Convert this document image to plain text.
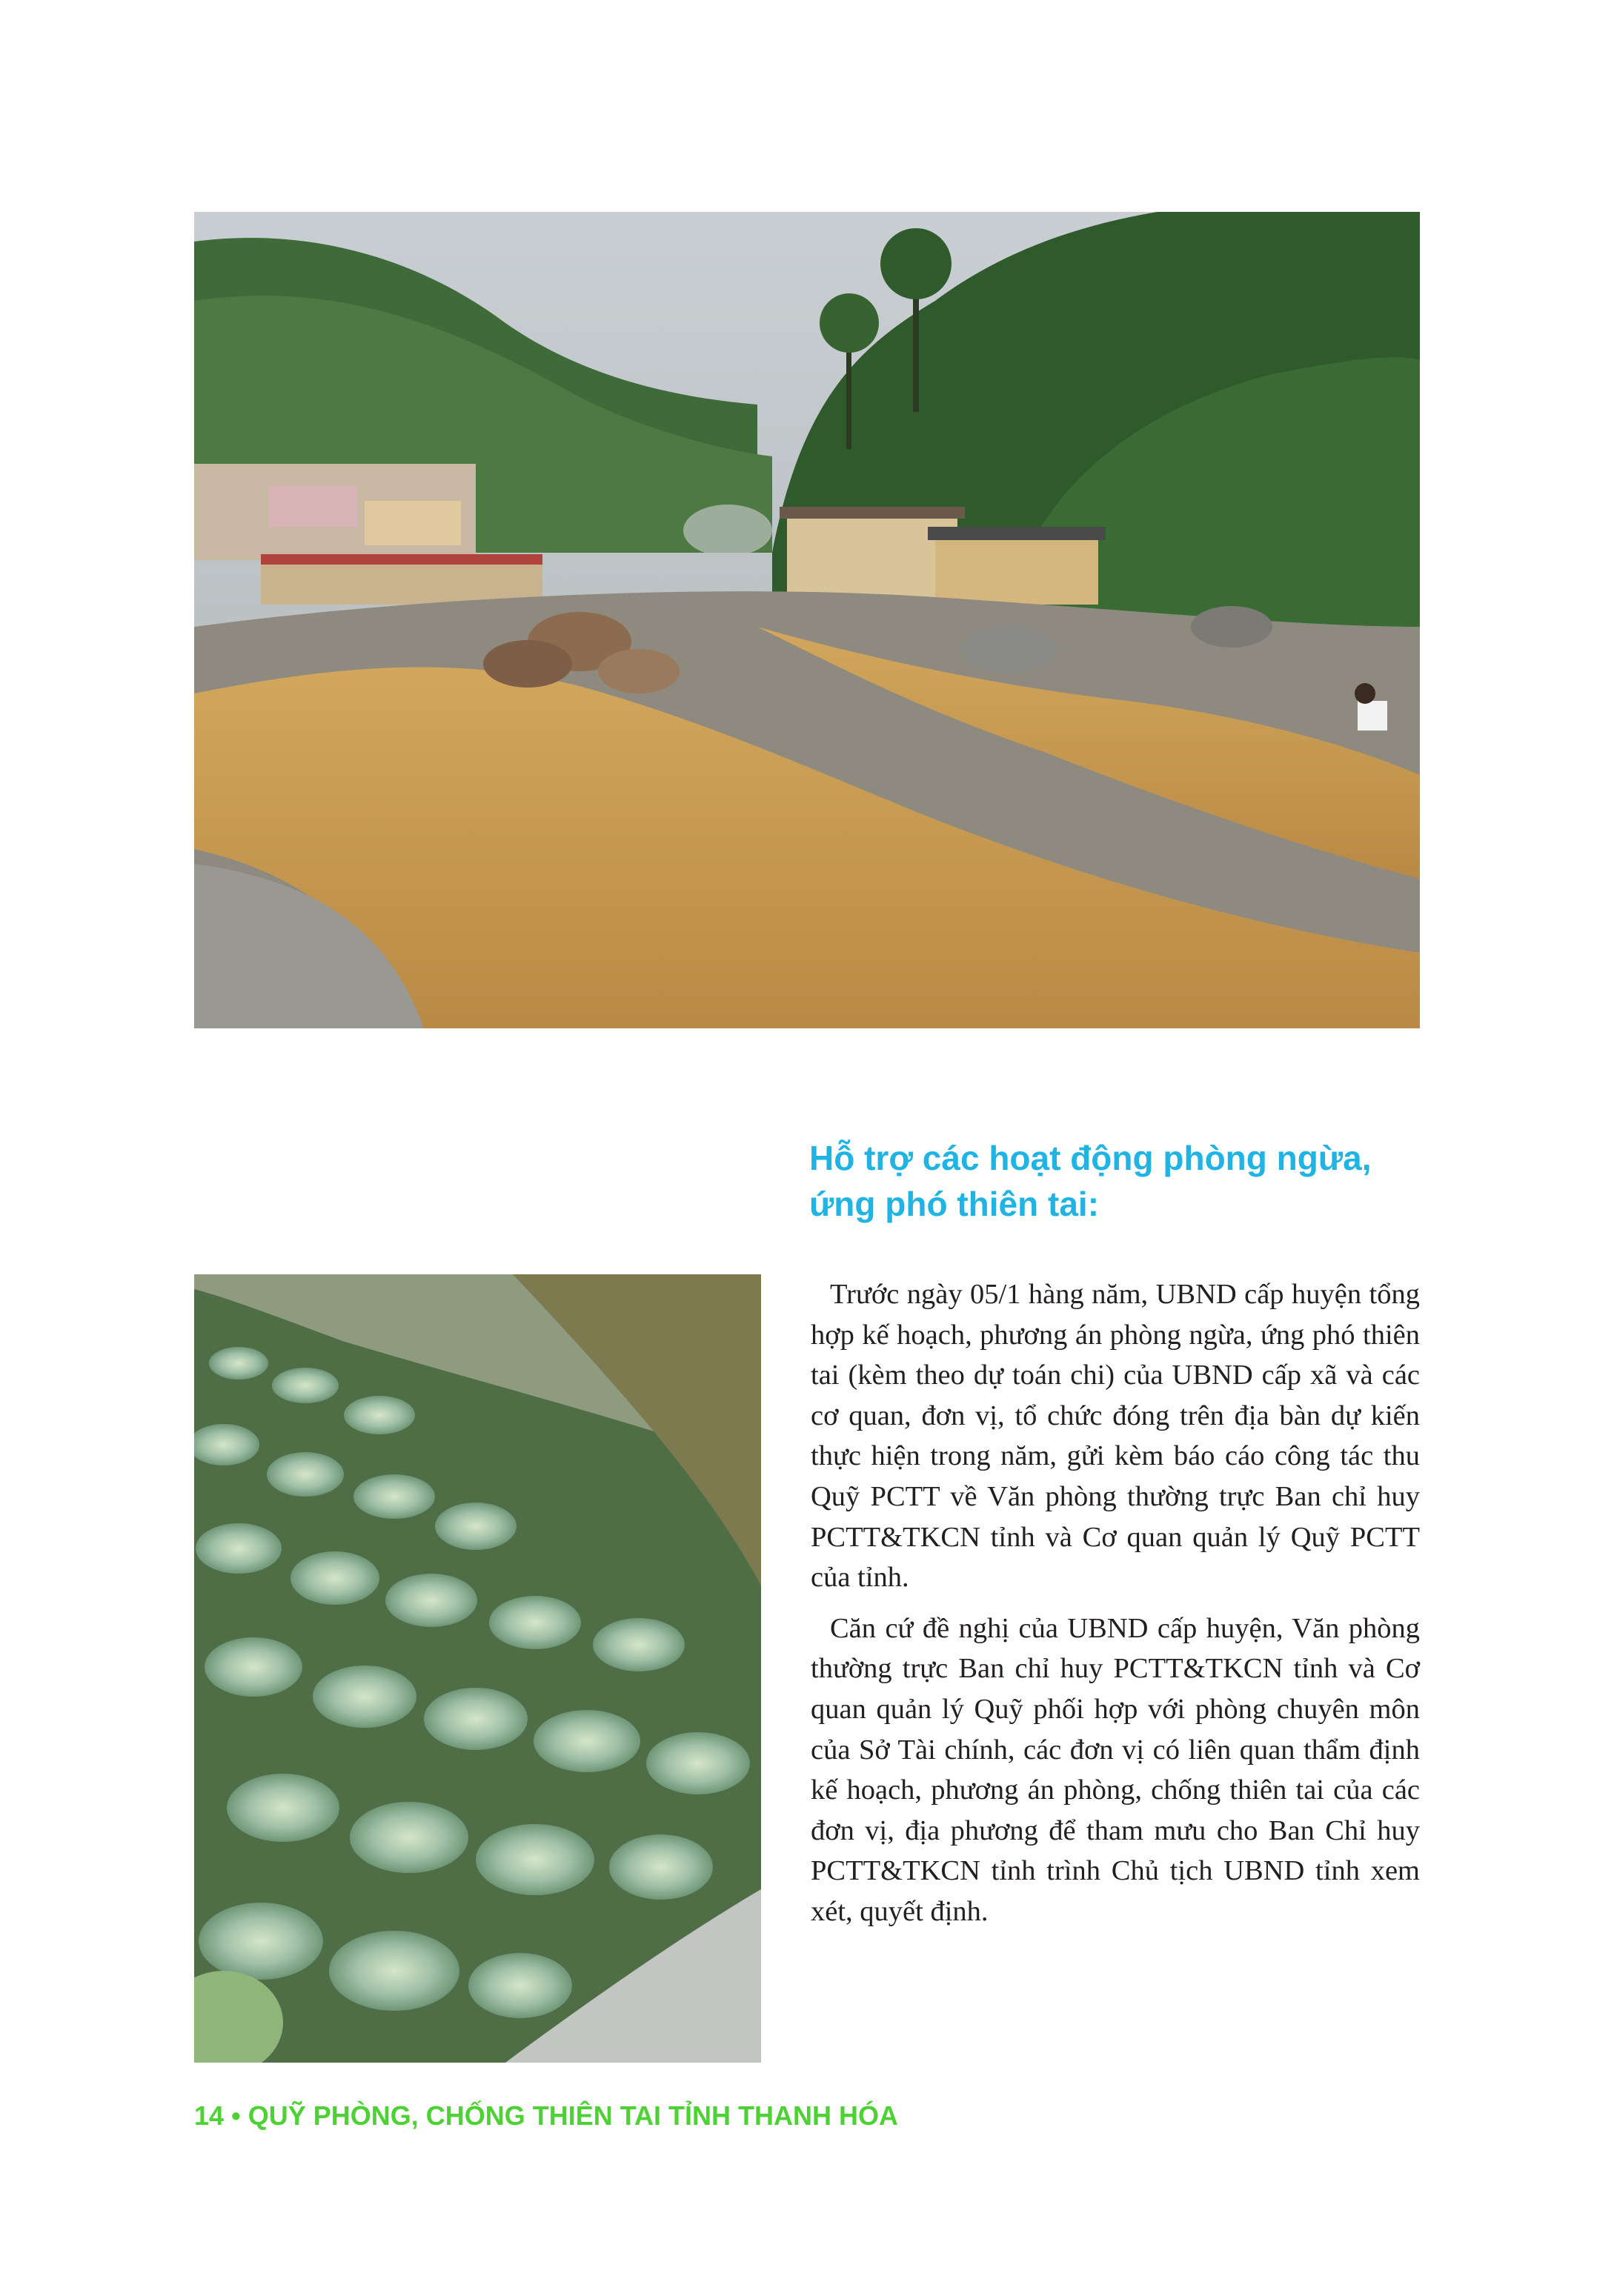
Hỗ trợ các hoạt động phòng ngừa,
ứng phó thiên tai:

Trước ngày 05/1 hàng năm, UBND cấp huyện tổng hợp kế hoạch, phương án phòng ngừa, ứng phó thiên tai (kèm theo dự toán chi) của UBND cấp xã và các cơ quan, đơn vị, tổ chức đóng trên địa bàn dự kiến thực hiện trong năm, gửi kèm báo cáo công tác thu Quỹ PCTT về Văn phòng thường trực Ban chỉ huy PCTT&TKCN tỉnh và Cơ quan quản lý Quỹ PCTT của tỉnh.

Căn cứ đề nghị của UBND cấp huyện, Văn phòng thường trực Ban chỉ huy PCTT&TKCN tỉnh và Cơ quan quản lý Quỹ phối hợp với phòng chuyên môn của Sở Tài chính, các đơn vị có liên quan thẩm định kế hoạch, phương án phòng, chống thiên tai của các đơn vị, địa phương để tham mưu cho Ban Chỉ huy PCTT&TKCN tỉnh trình Chủ tịch UBND tỉnh xem xét, quyết định.

14 • QUỸ PHÒNG, CHỐNG THIÊN TAI TỈNH THANH HÓA
